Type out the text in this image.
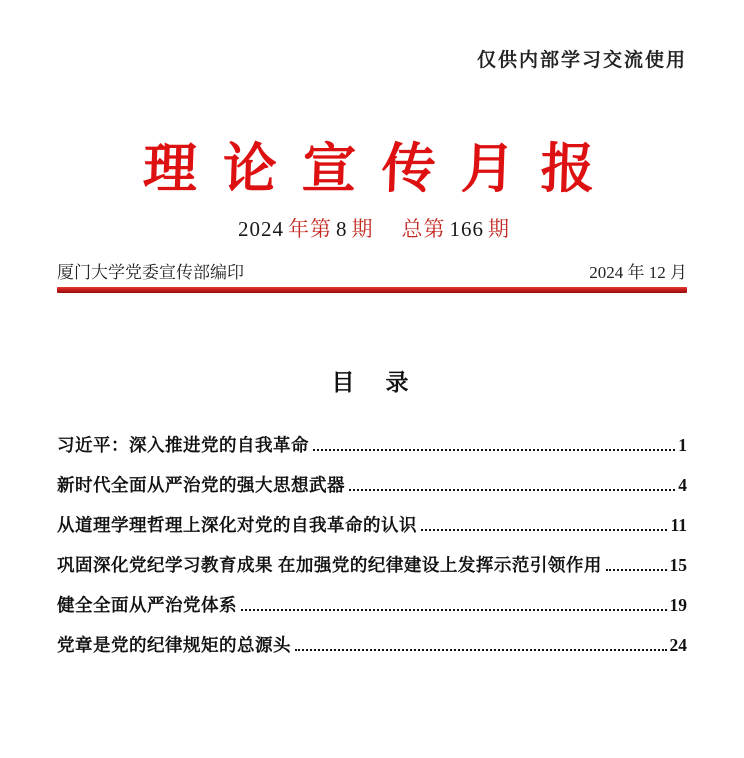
仅供内部学习交流使用
理 论 宣 传 月 报
2024 年第 8 期 总第 166 期
厦门大学党委宣传部编印	2024 年 12 月
目　录
习近平：深入推进党的自我革命	1
新时代全面从严治党的强大思想武器	4
从道理学理哲理上深化对党的自我革命的认识	11
巩固深化党纪学习教育成果 在加强党的纪律建设上发挥示范引领作用	15
健全全面从严治党体系	19
党章是党的纪律规矩的总源头	24
